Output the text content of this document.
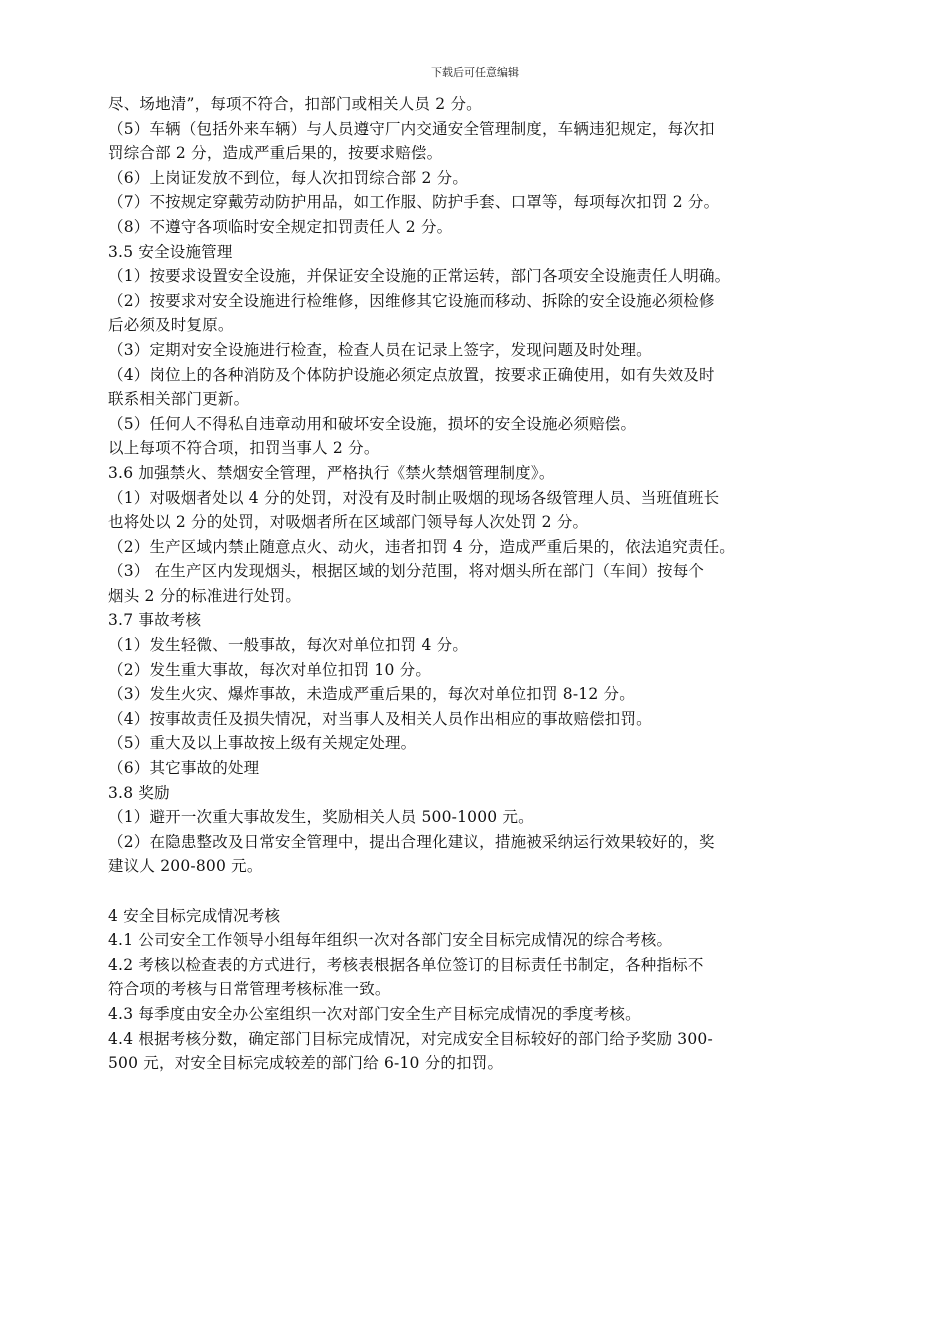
下载后可任意编辑
尽、场地清”，每项不符合，扣部门或相关人员 2 分。
（5）车辆（包括外来车辆）与人员遵守厂内交通安全管理制度，车辆违犯规定，每次扣
罚综合部 2 分，造成严重后果的，按要求赔偿。
（6）上岗证发放不到位，每人次扣罚综合部 2 分。
（7）不按规定穿戴劳动防护用品，如工作服、防护手套、口罩等，每项每次扣罚 2 分。
（8）不遵守各项临时安全规定扣罚责任人 2 分。
3.5 安全设施管理
（1）按要求设置安全设施，并保证安全设施的正常运转，部门各项安全设施责任人明确。
（2）按要求对安全设施进行检维修，因维修其它设施而移动、拆除的安全设施必须检修
后必须及时复原。
（3）定期对安全设施进行检查，检查人员在记录上签字，发现问题及时处理。
（4）岗位上的各种消防及个体防护设施必须定点放置，按要求正确使用，如有失效及时
联系相关部门更新。
（5）任何人不得私自违章动用和破坏安全设施，损坏的安全设施必须赔偿。
以上每项不符合项，扣罚当事人 2 分。
3.6 加强禁火、禁烟安全管理，严格执行《禁火禁烟管理制度》。
（1）对吸烟者处以 4 分的处罚，对没有及时制止吸烟的现场各级管理人员、当班值班长
也将处以 2 分的处罚，对吸烟者所在区域部门领导每人次处罚 2 分。
（2）生产区域内禁止随意点火、动火，违者扣罚 4 分，造成严重后果的，依法追究责任。
（3） 在生产区内发现烟头，根据区域的划分范围，将对烟头所在部门（车间）按每个
烟头 2 分的标准进行处罚。
3.7 事故考核
（1）发生轻微、一般事故，每次对单位扣罚 4 分。
（2）发生重大事故，每次对单位扣罚 10 分。
（3）发生火灾、爆炸事故，未造成严重后果的，每次对单位扣罚 8-12 分。
（4）按事故责任及损失情况，对当事人及相关人员作出相应的事故赔偿扣罚。
（5）重大及以上事故按上级有关规定处理。
（6）其它事故的处理
3.8 奖励
（1）避开一次重大事故发生，奖励相关人员 500-1000 元。
（2）在隐患整改及日常安全管理中，提出合理化建议，措施被采纳运行效果较好的，奖
建议人 200-800 元。
4 安全目标完成情况考核
4.1 公司安全工作领导小组每年组织一次对各部门安全目标完成情况的综合考核。
4.2 考核以检查表的方式进行，考核表根据各单位签订的目标责任书制定，各种指标不
符合项的考核与日常管理考核标准一致。
4.3 每季度由安全办公室组织一次对部门安全生产目标完成情况的季度考核。
4.4 根据考核分数，确定部门目标完成情况，对完成安全目标较好的部门给予奖励 300-
500 元，对安全目标完成较差的部门给 6-10 分的扣罚。
